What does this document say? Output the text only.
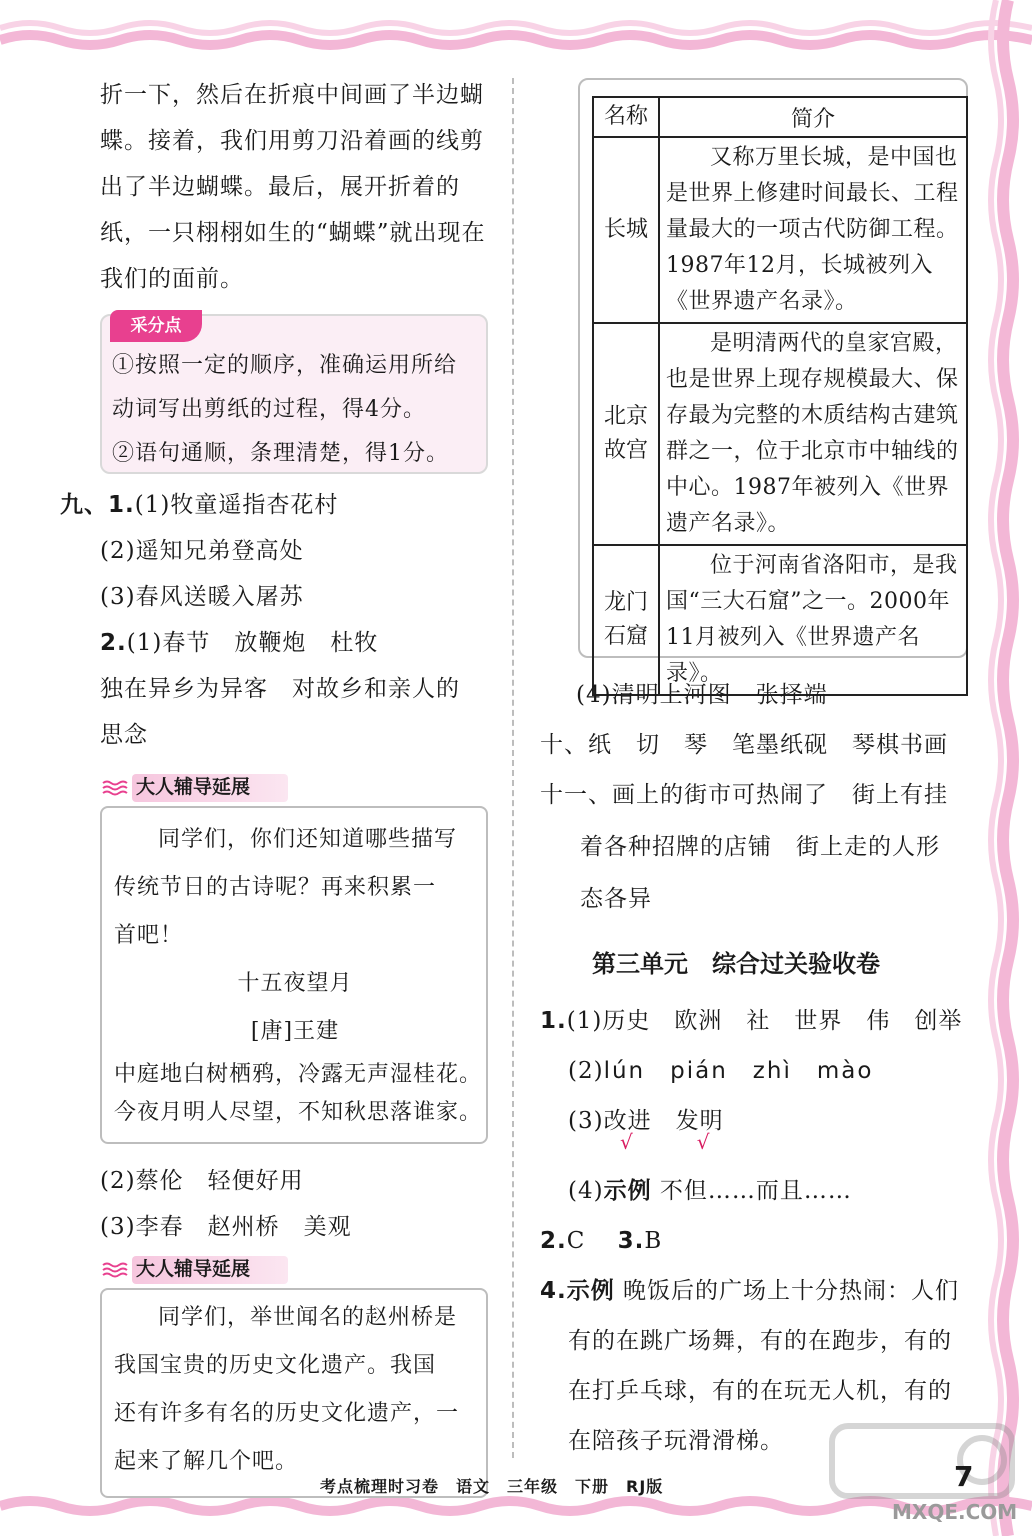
折一下，然后在折痕中间画了半边蝴
蝶。接着，我们用剪刀沿着画的线剪
出了半边蝴蝶。最后，展开折着的
纸，一只栩栩如生的“蝴蝶”就出现在
我们的面前。
采分点
①按照一定的顺序，准确运用所给
动词写出剪纸的过程，得4分。
②语句通顺，条理清楚，得1分。
九、1.(1)牧童遥指杏花村
(2)遥知兄弟登高处
(3)春风送暖入屠苏
2.(1)春节　放鞭炮　杜牧
独在异乡为异客　对故乡和亲人的
思念
大人辅导延展
同学们，你们还知道哪些描写
传统节日的古诗呢？再来积累一
首吧！
十五夜望月
[唐]王建
中庭地白树栖鸦，冷露无声湿桂花。
今夜月明人尽望，不知秋思落谁家。
(2)蔡伦　轻便好用
(3)李春　赵州桥　美观
大人辅导延展
同学们，举世闻名的赵州桥是
我国宝贵的历史文化遗产。我国
还有许多有名的历史文化遗产，一
起来了解几个吧。
名称	简介
长城	又称万里长城，是中国也是世界上修建时间最长、工程量最大的一项古代防御工程。1987年12月，长城被列入《世界遗产名录》。
北京故宫	是明清两代的皇家宫殿，也是世界上现存规模最大、保存最为完整的木质结构古建筑群之一，位于北京市中轴线的中心。1987年被列入《世界遗产名录》。
龙门石窟	位于河南省洛阳市，是我国“三大石窟”之一。2000年11月被列入《世界遗产名录》。
(4)清明上河图　张择端
十、纸　切　琴　笔墨纸砚　琴棋书画
十一、画上的街市可热闹了　街上有挂
着各种招牌的店铺　街上走的人形
态各异
第三单元　综合过关验收卷
1.(1)历史　欧洲　社　世界　伟　创举
(2)lún　pián　zhì　mào
(3)改进　发明
√　　　√
(4)示例 不但……而且……
2.C　 3.B
4.示例 晚饭后的广场上十分热闹：人们
有的在跳广场舞，有的在跑步，有的
在打乒乓球，有的在玩无人机，有的
在陪孩子玩滑滑梯。
MXQE.COM
考点梳理时习卷　语文　三年级　下册　RJ版	7
